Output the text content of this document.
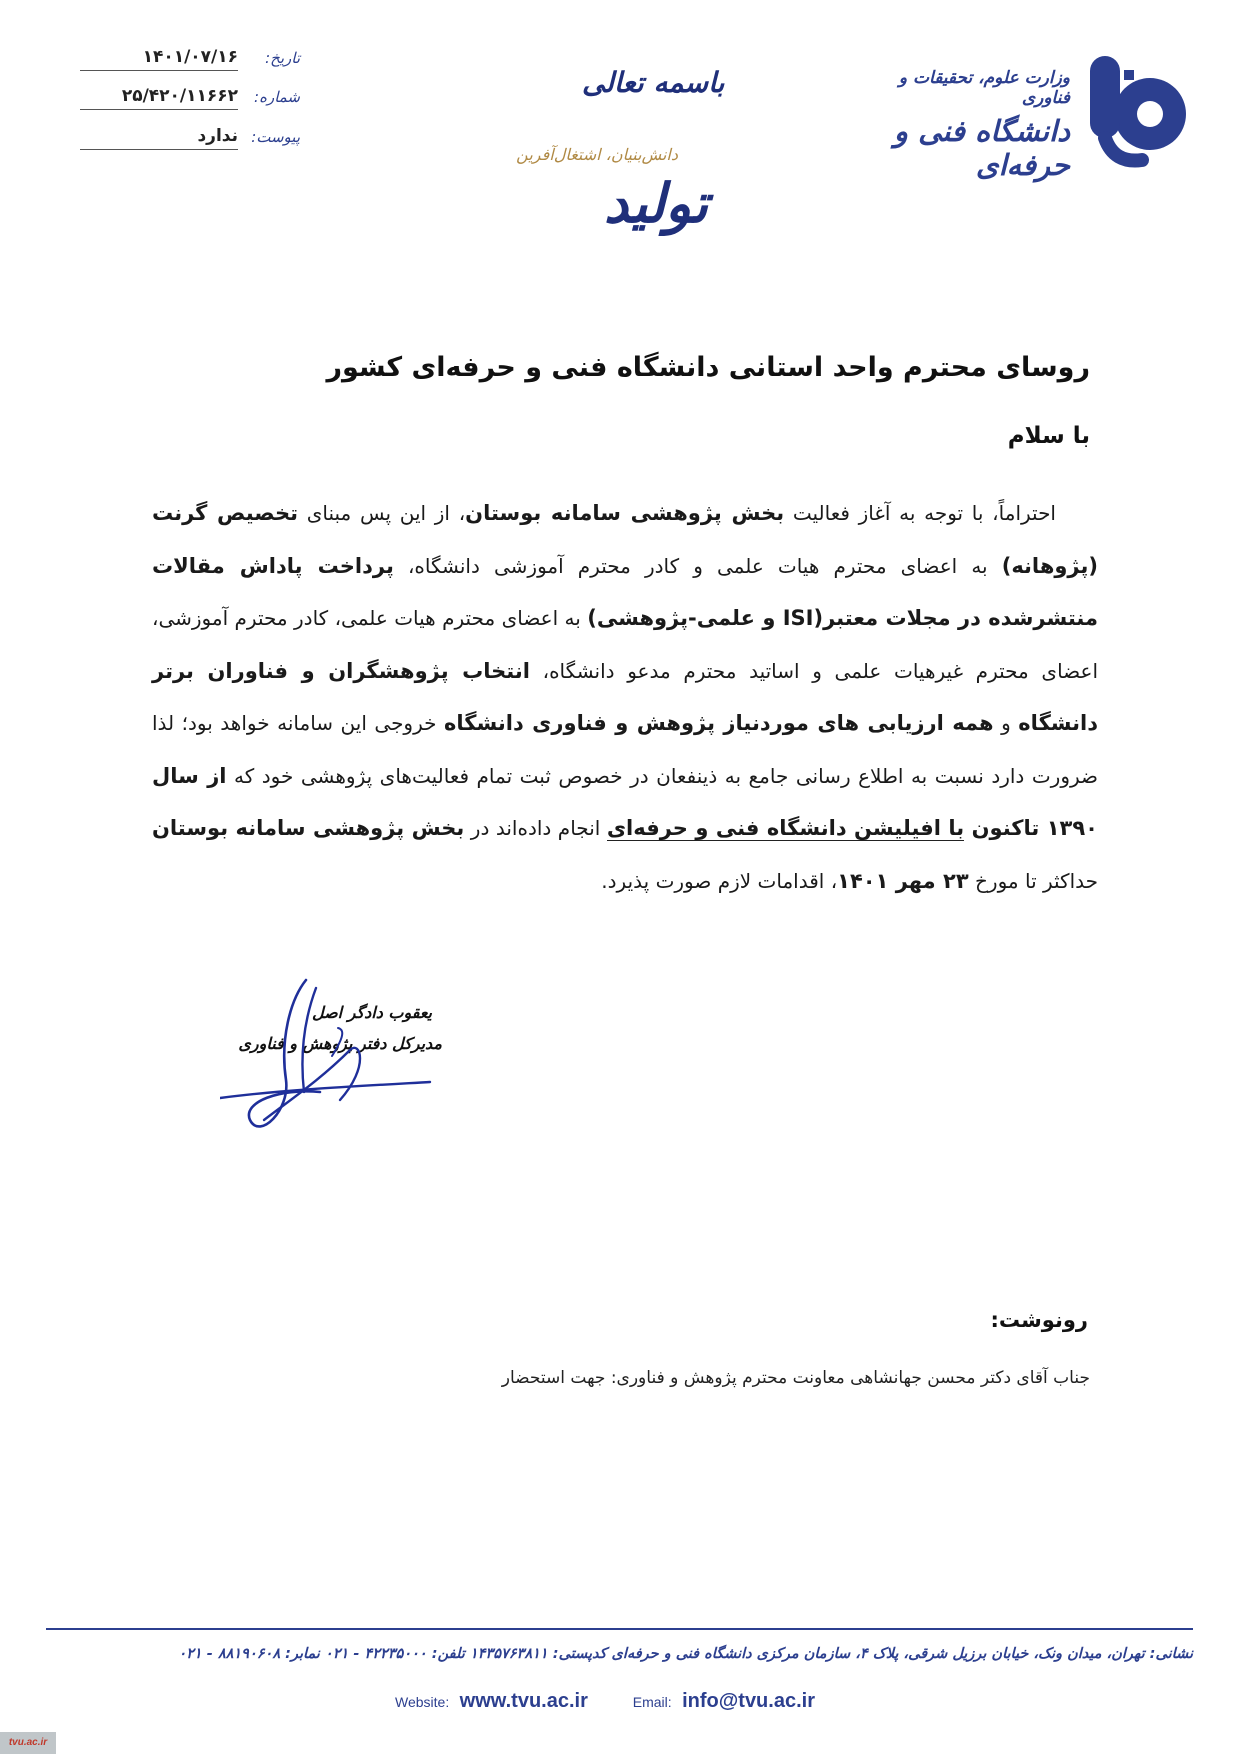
تاریخ:
۱۴۰۱/۰۷/۱۶
شماره:
۲۵/۴۲۰/۱۱۶۶۲
پیوست:
ندارد
باسمه تعالی
دانش‌بنیان، اشتغال‌آفرین
تولید
وزارت علوم، تحقیقات و فناوری
دانشگاه فنی و حرفه‌ای
روسای محترم واحد استانی دانشگاه فنی و حرفه‌ای کشور
با سلام
احتراماً، با توجه به آغاز فعالیت بخش پژوهشی سامانه بوستان، از این پس مبنای تخصیص گرنت (پژوهانه) به اعضای محترم هیات علمی و کادر محترم آموزشی دانشگاه، پرداخت پاداش مقالات منتشرشده در مجلات معتبر(ISI و علمی-پژوهشی) به اعضای محترم هیات علمی، کادر محترم آموزشی، اعضای محترم غیرهیات علمی و اساتید محترم مدعو دانشگاه، انتخاب پژوهشگران و فناوران برتر دانشگاه و همه ارزیابی های موردنیاز پژوهش و فناوری دانشگاه خروجی این سامانه خواهد بود؛ لذا ضرورت دارد نسبت به اطلاع رسانی جامع به ذینفعان در خصوص ثبت تمام فعالیت‌های پژوهشی خود که از سال ۱۳۹۰ تاکنون با افیلیشن دانشگاه فنی و حرفه‌ای انجام داده‌اند در بخش پژوهشی سامانه بوستان حداکثر تا مورخ ۲۳ مهر ۱۴۰۱، اقدامات لازم صورت پذیرد.
یعقوب دادگر اصل
مدیرکل دفتر پژوهش و فناوری
رونوشت:
جناب آقای دکتر محسن جهانشاهی معاونت محترم پژوهش و فناوری: جهت استحضار
نشانی: تهران، میدان ونک، خیابان برزیل شرقی، پلاک ۴، سازمان مرکزی دانشگاه فنی و حرفه‌ای کدپستی: ۱۴۳۵۷۶۳۸۱۱ تلفن: ۴۲۲۳۵۰۰۰ - ۰۲۱ نمابر: ۸۸۱۹۰۶۰۸ - ۰۲۱
Website: www.tvu.ac.ir	Email: info@tvu.ac.ir
tvu.ac.ir
